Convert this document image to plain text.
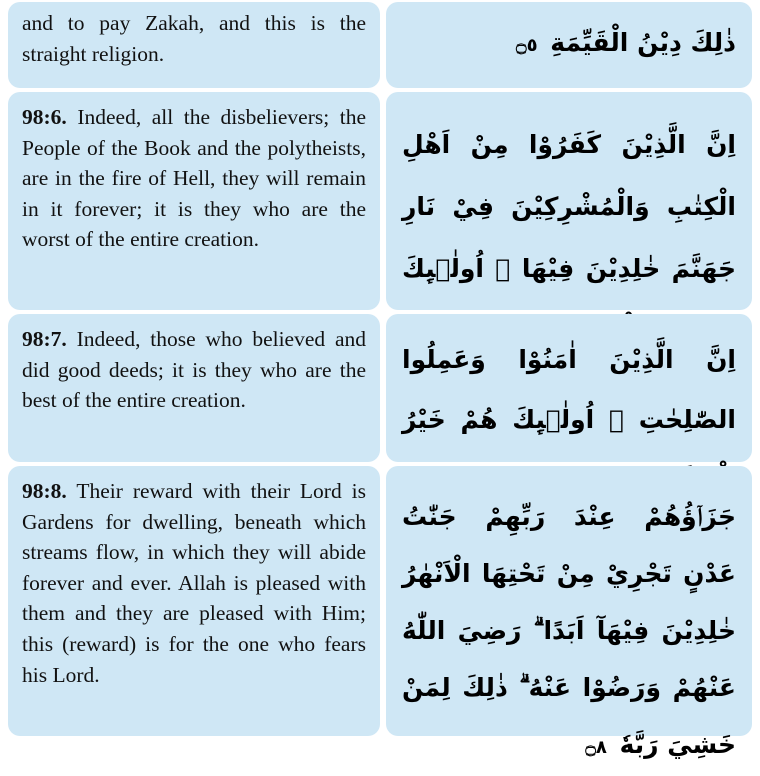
and to pay Zakah, and this is the straight religion.	ذٰلِكَ دِيْنُ الْقَيِّمَةِ ۝٥
98:6. Indeed, all the disbelievers; the People of the Book and the polytheists, are in the fire of Hell, they will remain in it forever; it is they who are the worst of the entire creation.
اِنَّ الَّذِيْنَ كَفَرُوْا مِنْ اَهْلِ الْكِتٰبِ وَالْمُشْرِكِيْنَ فِيْ نَارِ جَهَنَّمَ خٰلِدِيْنَ فِيْهَا ۗ اُولٰۤىِٕكَ
98:7. Indeed, those who believed and did good deeds; it is they who are the best of the entire creation.
اِنَّ الَّذِيْنَ اٰمَنُوْا وَعَمِلُوا الصّٰلِحٰتِ ۙ اُولٰۤىِٕكَ هُمْ خَيْرُ
98:8. Their reward with their Lord is Gardens for dwelling, beneath which streams flow, in which they will abide forever and ever. Allah is pleased with them and they are pleased with Him; this (reward) is for the one who fears his Lord.
جَزَاۤؤُهُمْ عِنْدَ رَبِّهِمْ جَنّٰتُ عَدْنٍ تَجْرِيْ مِنْ تَحْتِهَا الْاَنْهٰرُ خٰلِدِيْنَ فِيْهَآ اَبَدًا ۗ رَضِيَ اللّٰهُ عَنْهُمْ وَرَضُوْا عَنْهُ ۗ ذٰلِكَ لِمَنْ خَشِيَ رَبَّهٗ ۝٨
